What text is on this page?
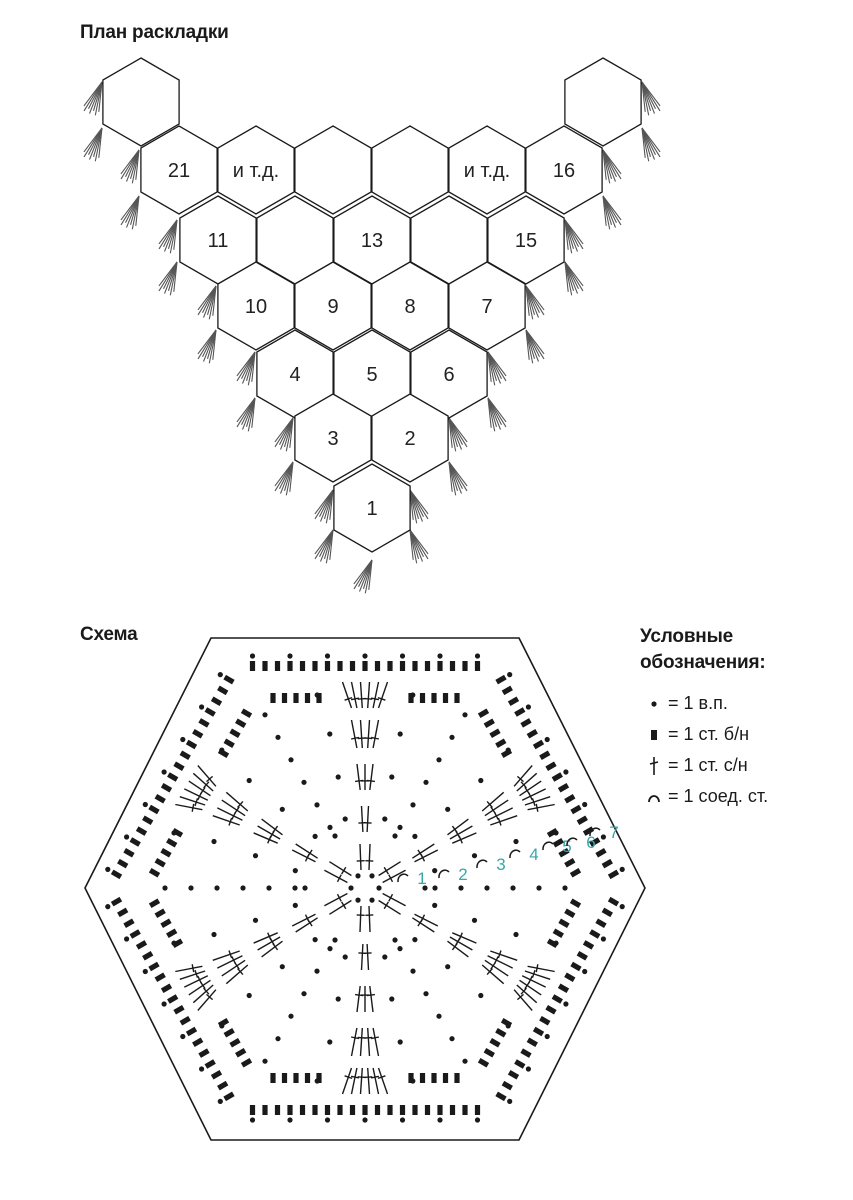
План раскладки
21 и т.д.	и т.д. 16
11	13	15
10	9	8	7
4	5	6
3	2
1
Схема
1 2
3
4 5 6
7
Условные
обозначения:
= 1 в.п.
= 1 ст. б/н
= 1 ст. с/н
= 1 соед. ст.
